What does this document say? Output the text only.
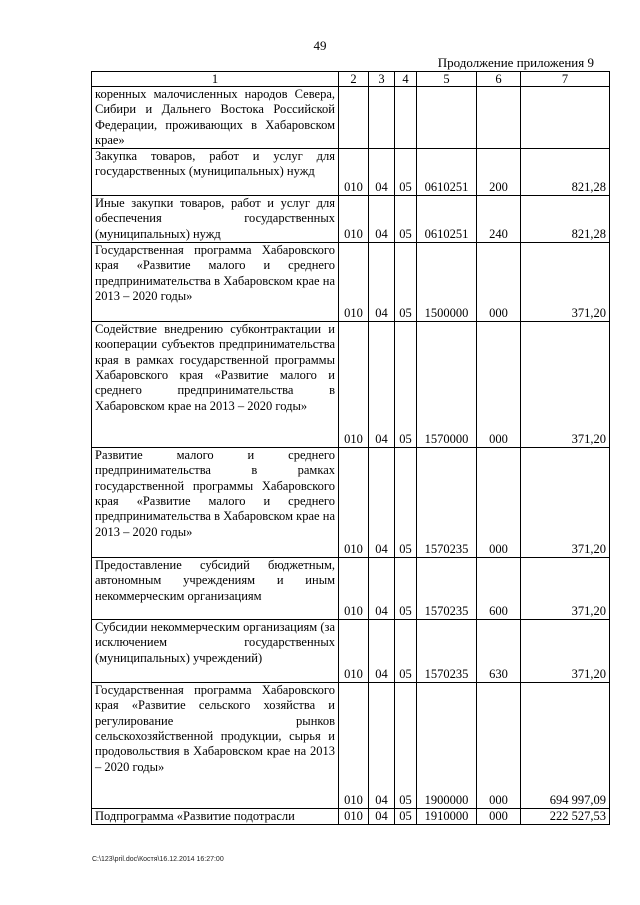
49
Продолжение приложения 9
1	2	3	4	5	6	7
коренных малочисленных народов Севера, Сибири и Дальнего Востока Российской Федерации, проживающих в Хабаровском крае»						
Закупка товаров, работ и услуг для государственных (муниципальных) нужд	010	04	05	0610251	200	821,28
Иные закупки товаров, работ и услуг для обеспечения государственных (муниципальных) нужд	010	04	05	0610251	240	821,28
Государственная программа Хабаровского края «Развитие малого и среднего предпринимательства в Хабаровском крае на 2013 – 2020 годы»	010	04	05	1500000	000	371,20
Содействие внедрению субконтрактации и кооперации субъектов предпринимательства края в рамках государственной программы Хабаровского края «Развитие малого и среднего предпринимательства в Хабаровском крае на 2013 – 2020 годы»	010	04	05	1570000	000	371,20
Развитие малого и среднего предпринимательства в рамках государственной программы Хабаровского края «Развитие малого и среднего предпринимательства в Хабаровском крае на 2013 – 2020 годы»	010	04	05	1570235	000	371,20
Предоставление субсидий бюджетным, автономным учреждениям и иным некоммерческим организациям	010	04	05	1570235	600	371,20
Субсидии некоммерческим организациям (за исключением государственных (муниципальных) учреждений)	010	04	05	1570235	630	371,20
Государственная программа Хабаровского края «Развитие сельского хозяйства и регулирование рынков сельскохозяйственной продукции, сырья и продовольствия в Хабаровском крае на 2013 – 2020 годы»	010	04	05	1900000	000	694 997,09
Подпрограмма «Развитие подотрасли	010	04	05	1910000	000	222 527,53
C:\123\pril.doc\Костя\16.12.2014 16:27:00
